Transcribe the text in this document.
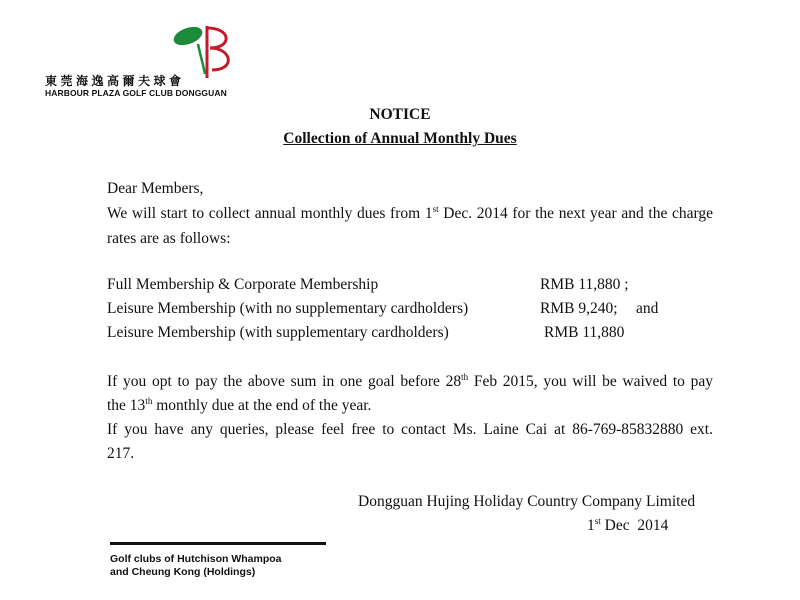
東莞海逸高爾夫球會
HARBOUR PLAZA GOLF CLUB DONGGUAN
NOTICE
Collection of Annual Monthly Dues
Dear Members,
We will start to collect annual monthly dues from 1st Dec. 2014 for the next year and the charge
rates are as follows:
Full Membership & Corporate Membership	RMB 11,880 ;
Leisure Membership (with no supplementary cardholders)	RMB 9,240; and
Leisure Membership (with supplementary cardholders)	RMB 11,880
If you opt to pay the above sum in one goal before 28th Feb 2015, you will be waived to pay
the 13th monthly due at the end of the year.
If you have any queries, please feel free to contact Ms. Laine Cai at 86-769-85832880 ext.
217.
Dongguan Hujing Holiday Country Company Limited
1st Dec  2014
Golf clubs of Hutchison Whampoa
and Cheung Kong (Holdings)
